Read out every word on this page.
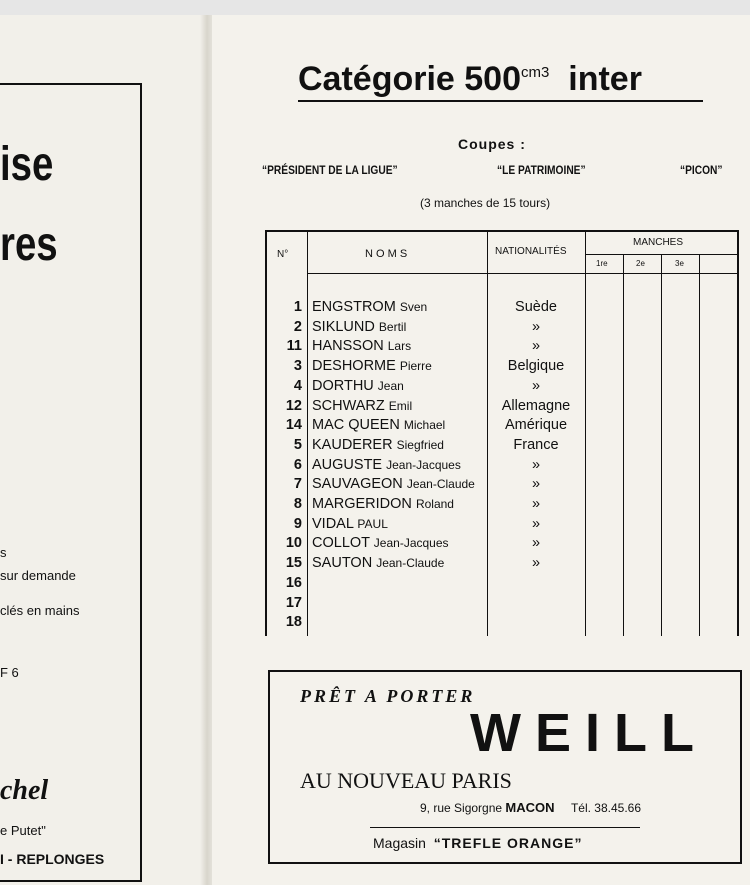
ise
res
s
sur demande
clés en mains
F 6
chel
e Putet"
I - REPLONGES
Catégorie $500^{cm3}$ inter
Coupes :
“PRÉSIDENT DE LA LIGUE”	“LE PATRIMOINE”	“PICON”
(3 manches de 15 tours)
N°	N O M S	NATIONALITÉS
MANCHES
1re	2e	3e
1 ENGSTROM Sven	Suède
2 SIKLUND Bertil	»
11 HANSSON Lars	»
3 DESHORME Pierre	Belgique
4 DORTHU Jean	»
12 SCHWARZ Emil	Allemagne
14 MAC QUEEN Michael	Amérique
5 KAUDERER Siegfried	France
6 AUGUSTE Jean-Jacques	»
7 SAUVAGEON Jean-Claude	»
8 MARGERIDON Roland	»
9 VIDAL PAUL	»
10 COLLOT Jean-Jacques	»
15 SAUTON Jean-Claude	»
16
17
18
PRÊT A PORTER
WEILL
AU NOUVEAU PARIS
9, rue Sigorgne MACON Tél. 38.45.66
Magasin “TREFLE ORANGE”
